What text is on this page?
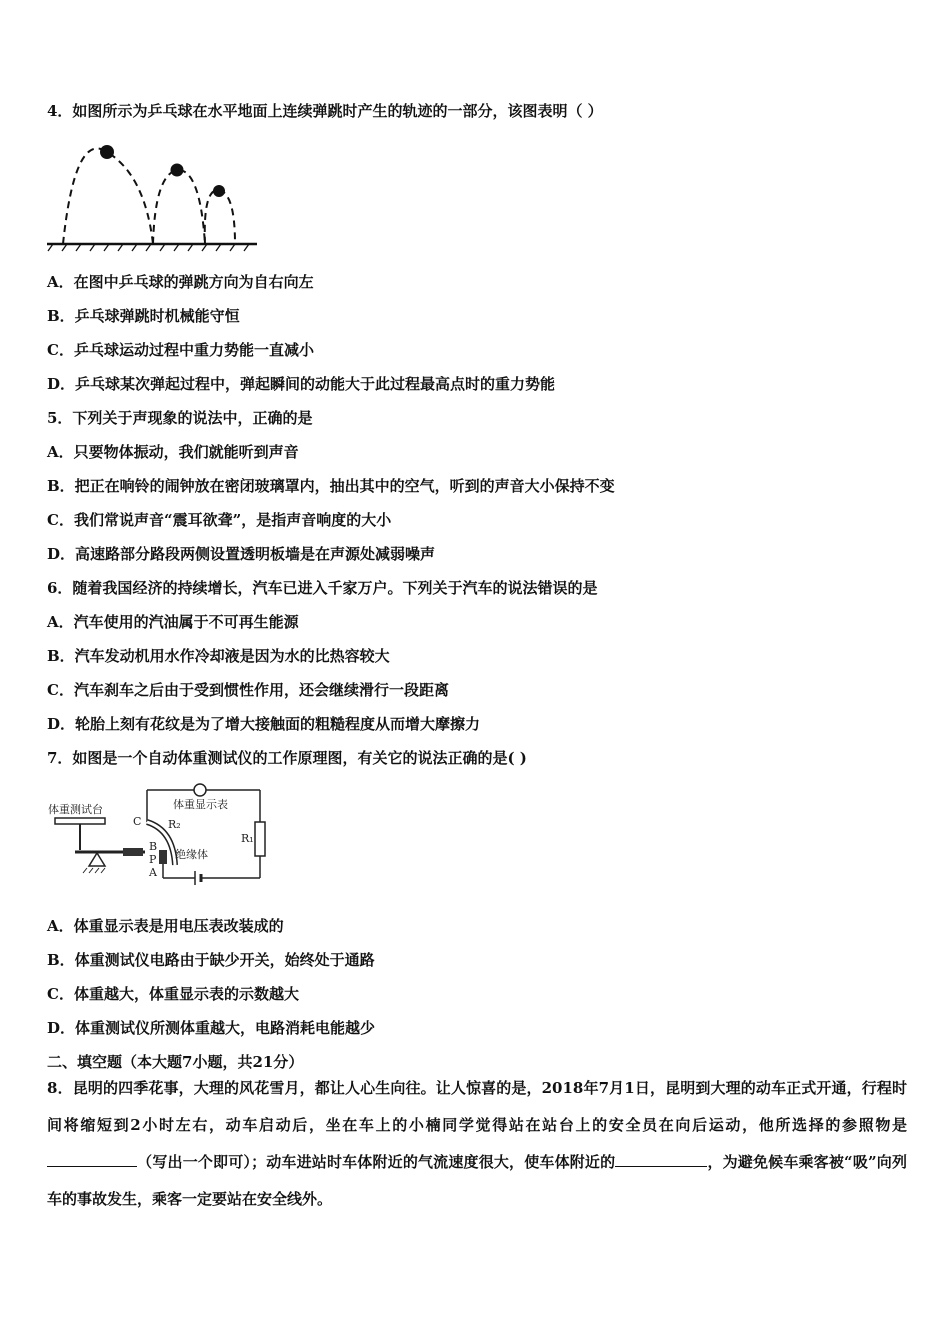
4．如图所示为乒乓球在水平地面上连续弹跳时产生的轨迹的一部分，该图表明（ ）
A．在图中乒乓球的弹跳方向为自右向左
B．乒乓球弹跳时机械能守恒
C．乒乓球运动过程中重力势能一直减小
D．乒乓球某次弹起过程中，弹起瞬间的动能大于此过程最高点时的重力势能
5．下列关于声现象的说法中，正确的是
A．只要物体振动，我们就能听到声音
B．把正在响铃的闹钟放在密闭玻璃罩内，抽出其中的空气，听到的声音大小保持不变
C．我们常说声音“震耳欲聋”，是指声音响度的大小
D．高速路部分路段两侧设置透明板墙是在声源处减弱噪声
6．随着我国经济的持续增长，汽车已进入千家万户。下列关于汽车的说法错误的是
A．汽车使用的汽油属于不可再生能源
B．汽车发动机用水作冷却液是因为水的比热容较大
C．汽车刹车之后由于受到惯性作用，还会继续滑行一段距离
D．轮胎上刻有花纹是为了增大接触面的粗糙程度从而增大摩擦力
7．如图是一个自动体重测试仪的工作原理图，有关它的说法正确的是( )
体重测试台	体重显示表
R₁
R₂
C
B
P
A
绝缘体
A．体重显示表是用电压表改装成的
B．体重测试仪电路由于缺少开关，始终处于通路
C．体重越大，体重显示表的示数越大
D．体重测试仪所测体重越大，电路消耗电能越少
二、填空题（本大题7小题，共21分）
8．昆明的四季花事，大理的风花雪月，都让人心生向往。让人惊喜的是，2018年7月1日，昆明到大理的动车正式开通，行程时间将缩短到2小时左右，动车启动后，坐在车上的小楠同学觉得站在站台上的安全员在向后运动，他所选择的参照物是（写出一个即可）；动车进站时车体附近的气流速度很大，使车体附近的	，为避免候车乘客被“吸”向列车的事故发生，乘客一定要站在安全线外。
